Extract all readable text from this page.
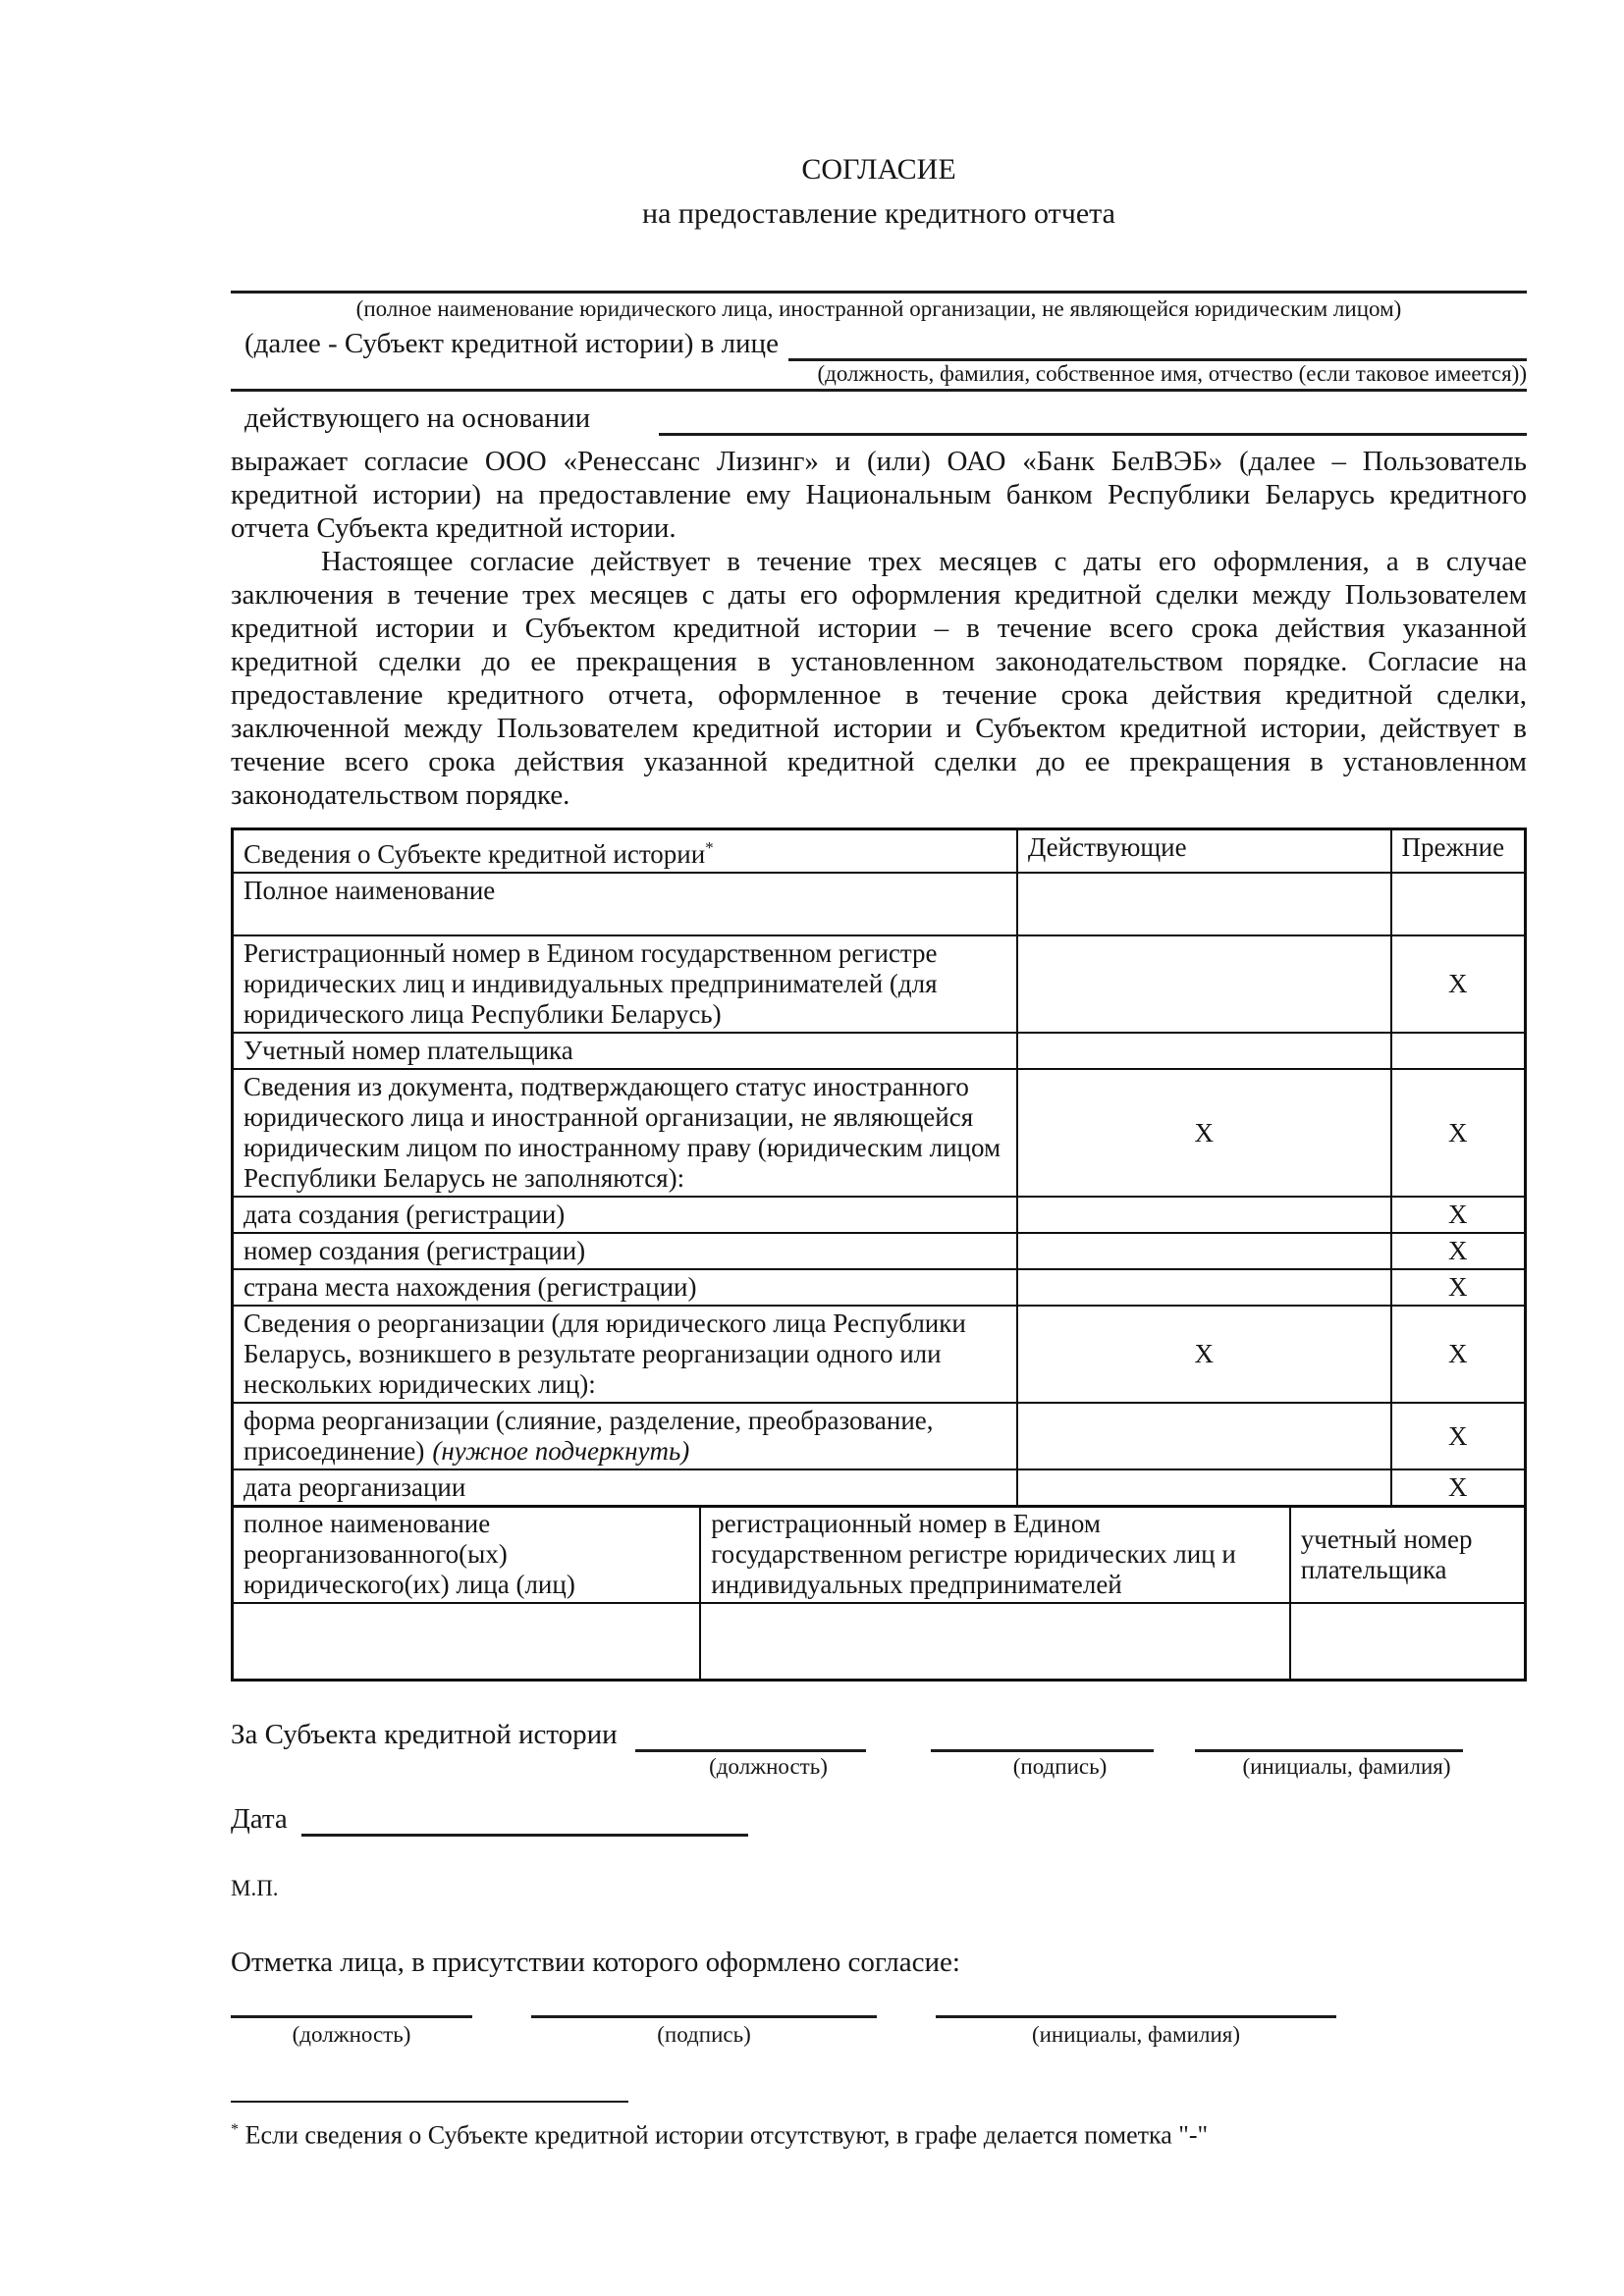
СОГЛАСИЕ
на предоставление кредитного отчета
(полное наименование юридического лица, иностранной организации, не являющейся юридическим лицом)
(далее - Субъект кредитной истории) в лице
(должность, фамилия, собственное имя, отчество (если таковое имеется))
действующего на основании
выражает согласие ООО «Ренессанс Лизинг» и (или) ОАО «Банк БелВЭБ» (далее – Пользователь кредитной истории) на предоставление ему Национальным банком Республики Беларусь кредитного отчета Субъекта кредитной истории.
Настоящее согласие действует в течение трех месяцев с даты его оформления, а в случае заключения в течение трех месяцев с даты его оформления кредитной сделки между Пользователем кредитной истории и Субъектом кредитной истории – в течение всего срока действия указанной кредитной сделки до ее прекращения в установленном законодательством порядке. Согласие на предоставление кредитного отчета, оформленное в течение срока действия кредитной сделки, заключенной между Пользователем кредитной истории и Субъектом кредитной истории, действует в течение всего срока действия указанной кредитной сделки до ее прекращения в установленном законодательством порядке.
Сведения о Субъекте кредитной истории*	Действующие	Прежние
Полное наименование		
Регистрационный номер в Едином государственном регистре юридических лиц и индивидуальных предпринимателей (для юридического лица Республики Беларусь)		X
Учетный номер плательщика		
Сведения из документа, подтверждающего статус иностранного юридического лица и иностранной организации, не являющейся юридическим лицом по иностранному праву (юридическим лицом Республики Беларусь не заполняются):	X	X
дата создания (регистрации)		X
номер создания (регистрации)		X
страна места нахождения (регистрации)		X
Сведения о реорганизации (для юридического лица Республики Беларусь, возникшего в результате реорганизации одного или нескольких юридических лиц):	X	X
форма реорганизации (слияние, разделение, преобразование, присоединение) (нужное подчеркнуть)		X
дата реорганизации		X
полное наименование реорганизованного(ых) юридического(их) лица (лиц)	регистрационный номер в Едином государственном регистре юридических лиц и индивидуальных предпринимателей	учетный номер плательщика

За Субъекта кредитной истории
(должность)	(подпись)	(инициалы, фамилия)
Дата
М.П.
Отметка лица, в присутствии которого оформлено согласие:
(должность)	(подпись)	(инициалы, фамилия)
* Если сведения о Субъекте кредитной истории отсутствуют, в графе делается пометка "-"
